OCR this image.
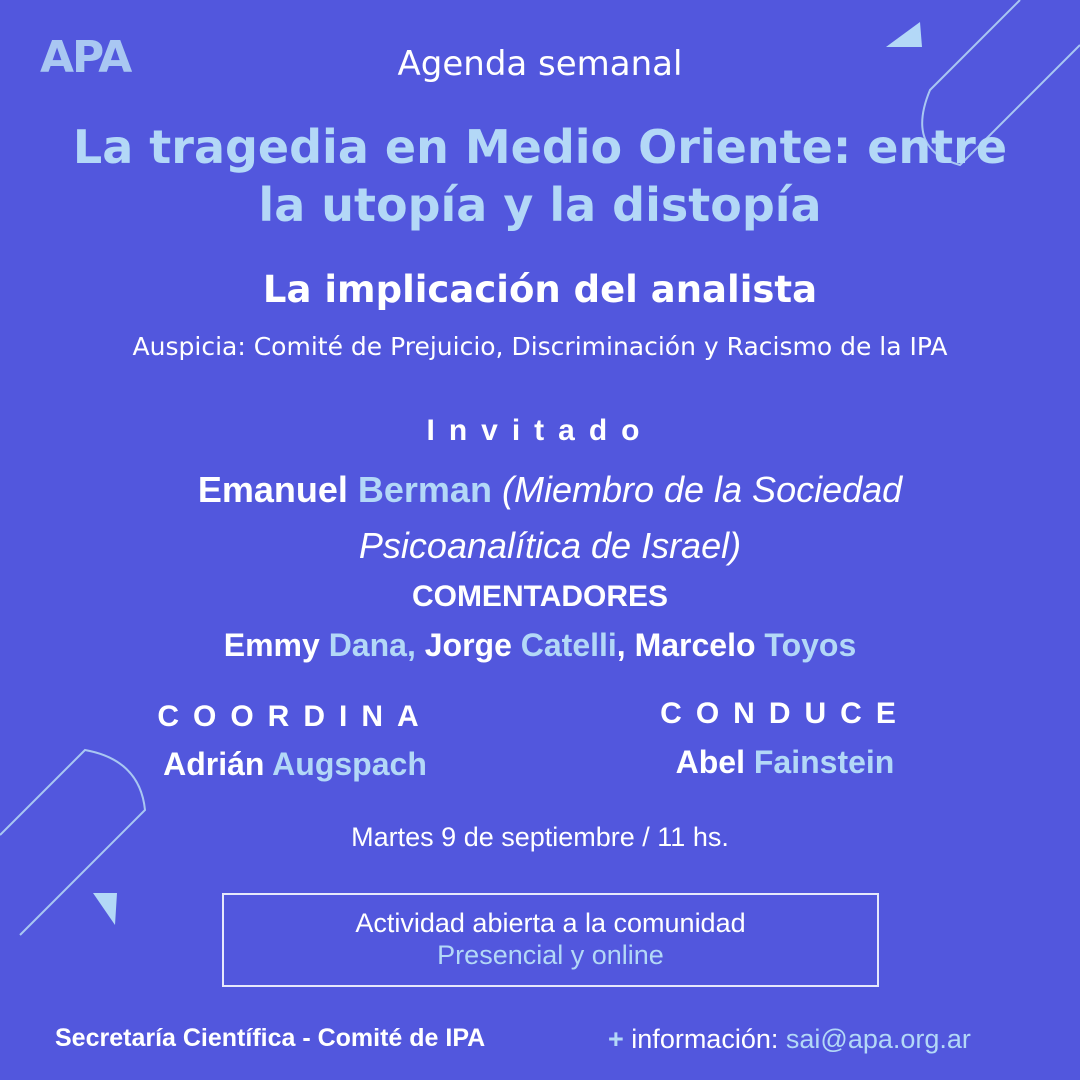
APA	Agenda semanal
La tragedia en Medio Oriente: entre
la utopía y la distopía
La implicación del analista
Auspicia: Comité de Prejuicio, Discriminación y Racismo de la IPA
Invitado
Emanuel Berman (Miembro de la Sociedad
Psicoanalítica de Israel)
COMENTADORES
Emmy Dana, Jorge Catelli, Marcelo Toyos
COORDINA
Adrián Augspach
CONDUCE
Abel Fainstein
Martes 9 de septiembre / 11 hs.
Actividad abierta a la comunidad
Presencial y online
Secretaría Científica - Comité de IPA	+ información: sai@apa.org.ar
